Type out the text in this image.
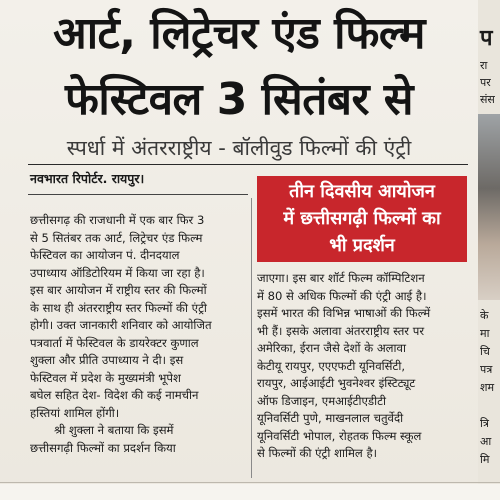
आर्ट, लिट्रेचर एंड फिल्म
फेस्टिवल 3 सितंबर से
स्पर्धा में अंतरराष्ट्रीय - बॉलीवुड फिल्मों की एंट्री
नवभारत रिपोर्टर. रायपुर।
तीन दिवसीय आयोजन
में छत्तीसगढ़ी फिल्मों का
भी प्रदर्शन
छत्तीसगढ़ की राजधानी में एक बार फिर 3
से 5 सितंबर तक आर्ट, लिट्रेचर एंड फिल्म
फेस्टिवल का आयोजन पं. दीनदयाल
उपाध्याय ऑडिटोरियम में किया जा रहा है।
इस बार आयोजन में राष्ट्रीय स्तर की फिल्मों
के साथ ही अंतरराष्ट्रीय स्तर फिल्मों की एंट्री
होगी। उक्त जानकारी शनिवार को आयोजित
पत्रवार्ता में फेस्टिवल के डायरेक्टर कुणाल
शुक्ला और प्रीति उपाध्याय ने दी। इस
फेस्टिवल में प्रदेश के मुख्यमंत्री भूपेश
बघेल सहित देश- विदेश की कई नामचीन
हस्तियां शामिल होंगी।
श्री शुक्ला ने बताया कि इसमें
छत्तीसगढ़ी फिल्मों का प्रदर्शन किया
जाएगा। इस बार शॉर्ट फिल्म कॉम्पिटिशन
में 80 से अधिक फिल्मों की एंट्री आई है।
इसमें भारत की विभिन्न भाषाओं की फिल्में
भी हैं। इसके अलावा अंतरराष्ट्रीय स्तर पर
अमेरिका, ईरान जैसे देशों के अलावा
केटीयू रायपुर, एएएफटी यूनिवर्सिटी,
रायपुर, आईआईटी भुवनेश्वर इंस्टिट्यूट
ऑफ डिजाइन, एमआईटीएडीटी
यूनिवर्सिटी पुणे, माखनलाल चतुर्वेदी
यूनिवर्सिटी भोपाल, रोहतक फिल्म स्कूल
से फिल्मों की एंट्री शामिल है।
प
रा
पर
संस
के
मा
चि
पत्र
शम
त्रि
आ
मि
